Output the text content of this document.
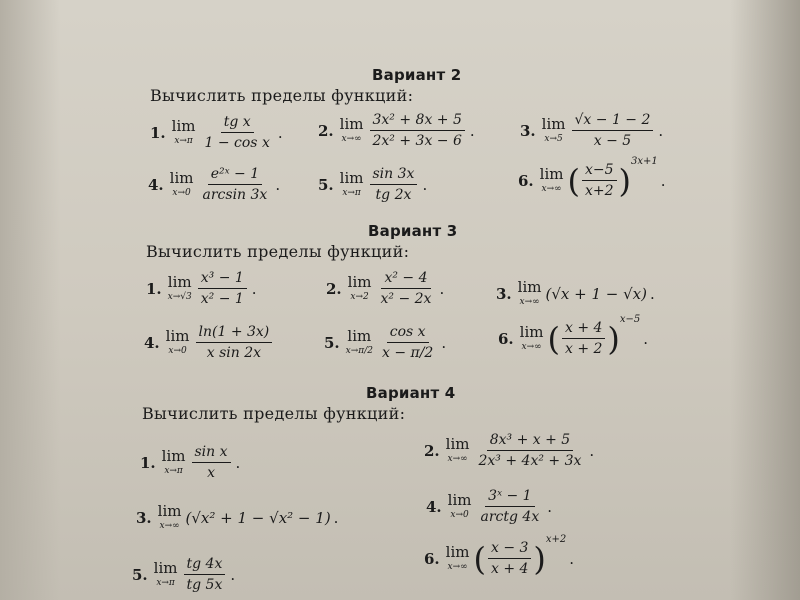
Вариант 2
Вычислить пределы функций:
1. lim
$x\to\pi \frac{\text{tg x}}{\text{1 − cos x}}$ . 2. lim
$x\to\infty \frac{\text{3x² + 8x + 5}}{\text{2x² + 3x − 6}}$ .	3. lim
$x\to 5 \frac{√x - 1 - 2}{x - 5}$ .
4. lim
$x\to 0 \frac{\text{e²ˣ − 1}}{\arcsin 3x}$ .	5. lim
$x\to\pi \frac{\sin 3x}{tg 2x}$ .	6. lim
x→∞ ( $\frac{x-5}{x+2}$ ) 3x+1
.
Вариант 3
Вычислить пределы функций:
1. lim
$x\to√3 \frac{\text{x³ − 1}}{\text{x² − 1}}$ .	2. lim
$x\to 2 \frac{\text{x² − 4}}{\text{x² − 2x}}$ .	3. lim
x→∞ (√x + 1 − √x) .
4. lim
$x\to 0 \frac{\ln(1 + 3x)}{\text{x sin 2x}}$	5. lim
$x\to\pi/2 \frac{\text{cos x}}{x - \pi/2}$ .	6. lim
x→∞ ( $\frac{x + 4}{x + 2}$ ) x−5
.
Вариант 4
Вычислить пределы функций:
1. lim
$x\to\pi \frac{\text{sin x}}{x}$ .
2. lim
$x\to\infty \frac{\text{8x³ + x + 5}}{\text{2x³ + 4x² + 3x}}$ .
3. lim
x→∞ (√x² + 1 − √x² − 1) .
4. lim
$x\to 0 \frac{\text{3ˣ − 1}}{\text{arctg 4x}}$ .
5. lim
$x\to\pi \frac{tg 4x}{tg 5x}$ .
6. lim
x→∞ ( $\frac{x - 3}{x + 4}$ ) x+2
.
